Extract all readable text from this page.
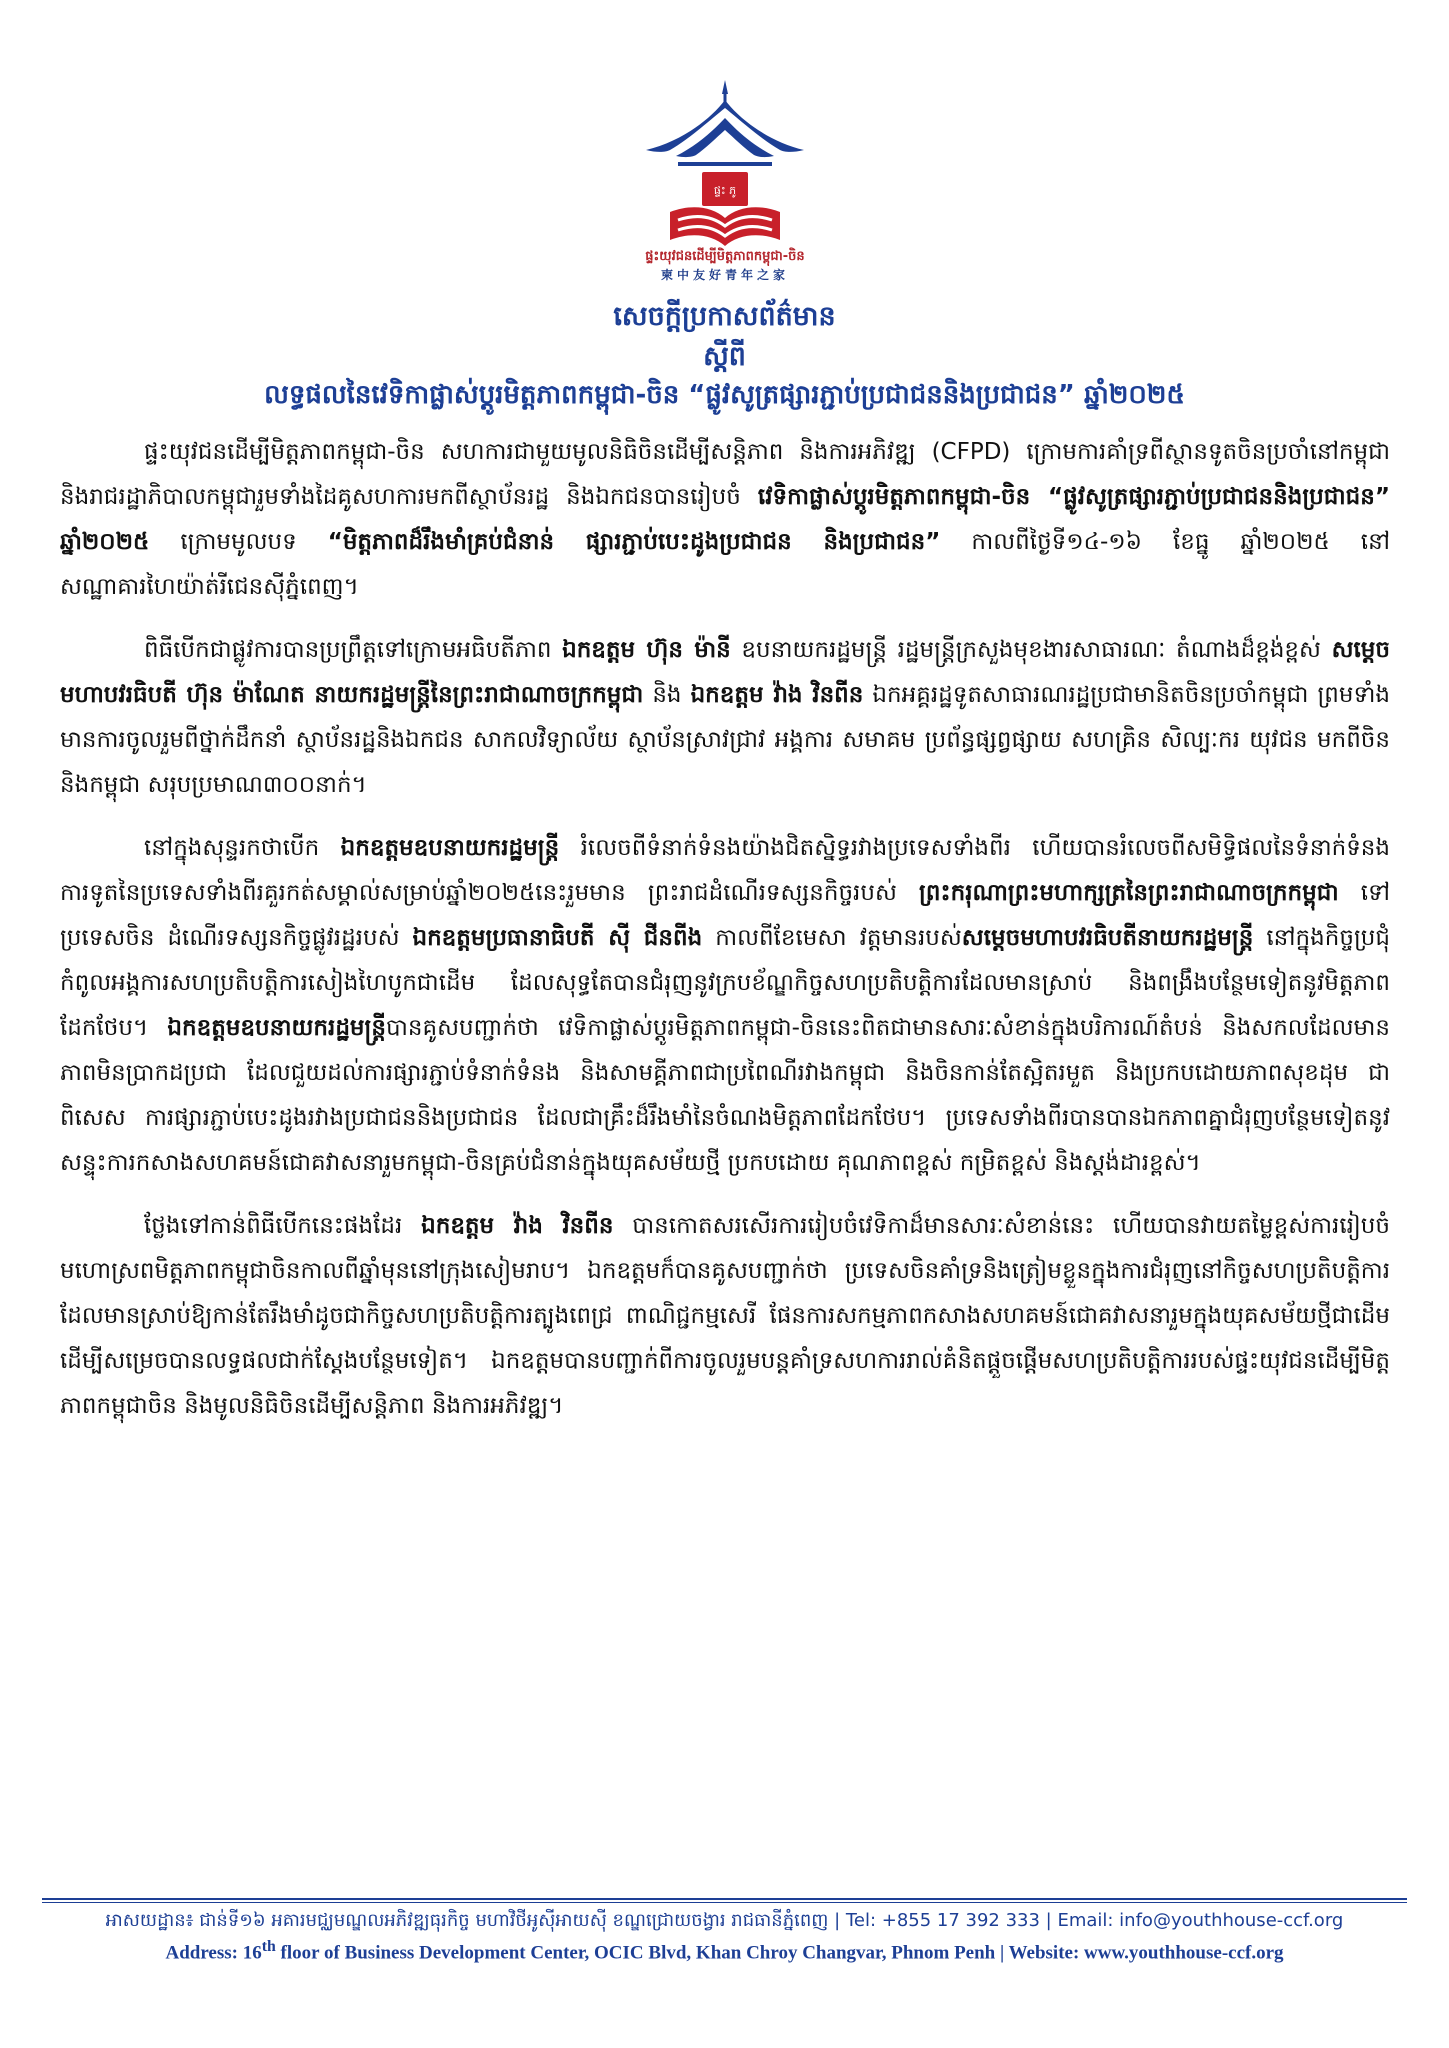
ផ្ទះ ភូ
ផ្ទះយុវជនដើម្បីមិត្តភាពកម្ពុជា-ចិន
柬中友好青年之家
សេចក្តីប្រកាសព័ត៌មាន
ស្តីពី
លទ្ធផលនៃវេទិកាផ្លាស់ប្តូរមិត្តភាពកម្ពុជា-ចិន “ផ្លូវសូត្រផ្សារភ្ជាប់ប្រជាជននិងប្រជាជន” ឆ្នាំ២០២៥

ផ្ទះយុវជនដើម្បីមិត្តភាពកម្ពុជា-ចិន សហការជាមួយមូលនិធិចិនដើម្បីសន្តិភាព និងការអភិវឌ្ឍ (CFPD) ក្រោមការគាំទ្រពីស្ថានទូតចិនប្រចាំនៅកម្ពុជា និងរាជរដ្ឋាភិបាលកម្ពុជារួមទាំងដៃគូសហការមកពីស្ថាប័នរដ្ឋ និងឯកជនបានរៀបចំ វេទិកាផ្លាស់ប្តូរមិត្តភាពកម្ពុជា-ចិន “ផ្លូវសូត្រផ្សារភ្ជាប់ប្រជាជននិងប្រជាជន” ឆ្នាំ២០២៥ ក្រោមមូលបទ “មិត្តភាពដ៏រឹងមាំគ្រប់ជំនាន់ ផ្សារភ្ជាប់បេះដូងប្រជាជន និងប្រជាជន” កាលពីថ្ងៃទី១៤-១៦ ខែធ្នូ ឆ្នាំ២០២៥ នៅសណ្ឋាគារហៃយ៉ាត់រីជេនស៊ីភ្នំពេញ។

ពិធីបើកជាផ្លូវការបានប្រព្រឹត្តទៅក្រោមអធិបតីភាព ឯកឧត្តម ហ៊ុន ម៉ានី ឧបនាយករដ្ឋមន្ត្រី រដ្ឋមន្ត្រីក្រសួងមុខងារសាធារណៈ តំណាងដ៏ខ្ពង់ខ្ពស់ សម្តេចមហាបវរធិបតី ហ៊ុន ម៉ាណែត នាយករដ្ឋមន្ត្រីនៃព្រះរាជាណាចក្រកម្ពុជា និង ឯកឧត្តម វ៉ាង វិនពីន ឯកអគ្គរដ្ឋទូតសាធារណរដ្ឋប្រជាមានិតចិនប្រចាំកម្ពុជា ព្រមទាំងមានការចូលរួមពីថ្នាក់ដឹកនាំ ស្ថាប័នរដ្ឋនិងឯកជន សាកលវិទ្យាល័យ ស្ថាប័នស្រាវជ្រាវ អង្គការ សមាគម ប្រព័ន្ធផ្សព្វផ្សាយ សហគ្រិន សិល្បៈករ យុវជន មកពីចិន និងកម្ពុជា សរុបប្រមាណ៣០០នាក់។

នៅក្នុងសុន្ទរកថាបើក ឯកឧត្តមឧបនាយករដ្ឋមន្ត្រី រំលេចពីទំនាក់ទំនងយ៉ាងជិតស្និទ្ធរវាងប្រទេសទាំងពីរ ហើយបានរំលេចពីសមិទ្ធិផលនៃទំនាក់ទំនងការទូតនៃប្រទេសទាំងពីរគួរកត់សម្គាល់សម្រាប់ឆ្នាំ២០២៥នេះរួមមាន ព្រះរាជដំណើរទស្សនកិច្ចរបស់ ព្រះករុណាព្រះមហាក្សត្រនៃព្រះរាជាណាចក្រកម្ពុជា ទៅប្រទេសចិន ដំណើរទស្សនកិច្ចផ្លូវរដ្ឋរបស់ ឯកឧត្តមប្រធានាធិបតី ស៊ី ជីនពីង កាលពីខែមេសា វត្តមានរបស់សម្តេចមហាបវរធិបតីនាយករដ្ឋមន្ត្រី នៅក្នុងកិច្ចប្រជុំកំពូលអង្គការសហប្រតិបត្តិការសៀងហៃបូកជាដើម ដែលសុទ្ធតែបានជំរុញនូវក្របខ័ណ្ឌកិច្ចសហប្រតិបត្តិការដែលមានស្រាប់ និងពង្រឹងបន្ថែមទៀតនូវមិត្តភាពដែកថែប។ ឯកឧត្តមឧបនាយករដ្ឋមន្ត្រីបានគូសបញ្ជាក់ថា វេទិកាផ្លាស់ប្តូរមិត្តភាពកម្ពុជា-ចិននេះពិតជាមានសារៈសំខាន់ក្នុងបរិការណ៍តំបន់ និងសកលដែលមានភាពមិនប្រាកដប្រជា ដែលជួយដល់ការផ្សារភ្ជាប់ទំនាក់ទំនង និងសាមគ្គីភាពជាប្រពៃណីរវាងកម្ពុជា និងចិនកាន់តែស្អិតរមួត និងប្រកបដោយភាពសុខដុម ជាពិសេស ការផ្សារភ្ជាប់បេះដូងរវាងប្រជាជននិងប្រជាជន ដែលជាគ្រឹះដ៏រឹងមាំនៃចំណងមិត្តភាពដែកថែប។ ប្រទេសទាំងពីរបានបានឯកភាពគ្នាជំរុញបន្ថែមទៀតនូវសន្ទុះការកសាងសហគមន៍ជោគវាសនារួមកម្ពុជា-ចិនគ្រប់ជំនាន់ក្នុងយុគសម័យថ្មី ប្រកបដោយ គុណភាពខ្ពស់ កម្រិតខ្ពស់ និងស្តង់ដារខ្ពស់។

ថ្លែងទៅកាន់ពិធីបើកនេះផងដែរ ឯកឧត្តម វ៉ាង វិនពីន បានកោតសរសើរការរៀបចំវេទិកាដ៏មានសារៈសំខាន់នេះ ហើយបានវាយតម្លៃខ្ពស់ការរៀបចំមហោស្រពមិត្តភាពកម្ពុជាចិនកាលពីឆ្នាំមុននៅក្រុងសៀមរាប។ ឯកឧត្តមក៏បានគូសបញ្ជាក់ថា ប្រទេសចិនគាំទ្រនិងត្រៀមខ្លួនក្នុងការជំរុញនៅកិច្ចសហប្រតិបត្តិការដែលមានស្រាប់ឱ្យកាន់តែរឹងមាំដូចជាកិច្ចសហប្រតិបត្តិការត្បូងពេជ្រ ពាណិជ្ជកម្មសេរី ផែនការសកម្មភាពកសាងសហគមន៍ជោគវាសនារួមក្នុងយុគសម័យថ្មីជាដើម ដើម្បីសម្រេចបានលទ្ធផលជាក់ស្តែងបន្ថែមទៀត។ ឯកឧត្តមបានបញ្ជាក់ពីការចូលរួមបន្តគាំទ្រសហការរាល់គំនិតផ្តួចផ្តើមសហប្រតិបត្តិការរបស់ផ្ទះយុវជនដើម្បីមិត្តភាពកម្ពុជាចិន និងមូលនិធិចិនដើម្បីសន្តិភាព និងការអភិវឌ្ឍ។

អាសយដ្ឋាន៖ ជាន់ទី១៦ អគារមជ្ឈមណ្ឌលអភិវឌ្ឍធុរកិច្ច មហាវិថីអូស៊ីអាយស៊ី ខណ្ឌជ្រោយចង្វារ រាជធានីភ្នំពេញ | Tel: +855 17 392 333 | Email: info@youthhouse-ccf.org
Address: 16th floor of Business Development Center, OCIC Blvd, Khan Chroy Changvar, Phnom Penh | Website: www.youthhouse-ccf.org
